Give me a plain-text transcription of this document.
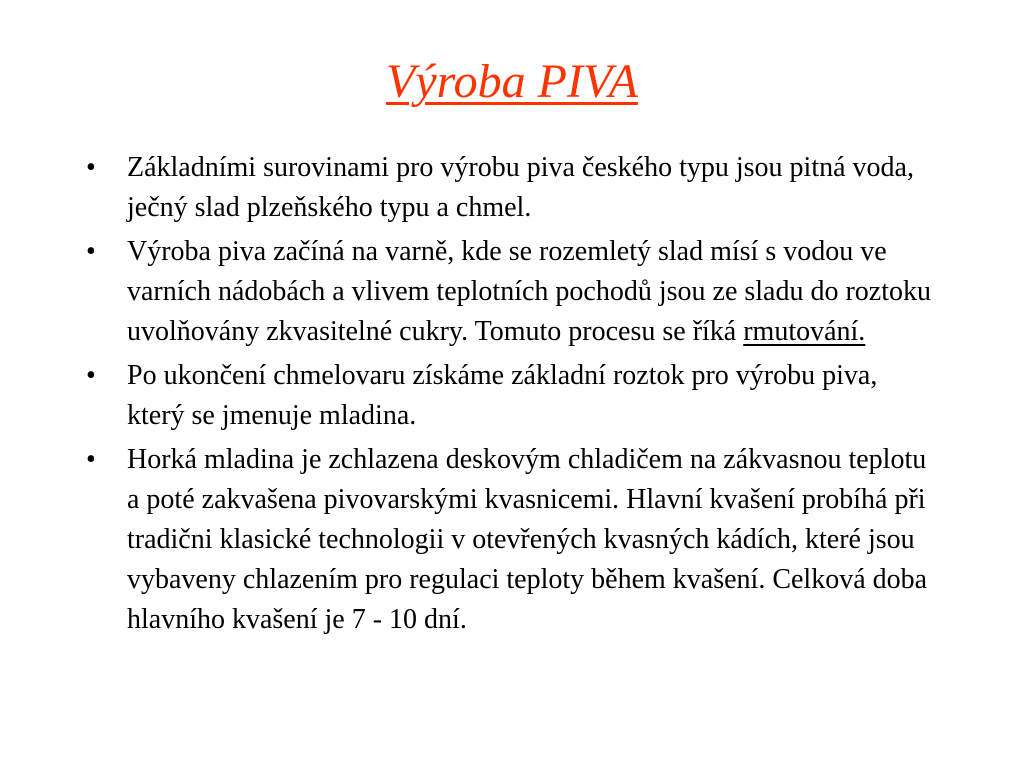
Výroba PIVA
•	Základními surovinami pro výrobu piva českého typu jsou pitná voda, ječný slad plzeňského typu a chmel.
•	Výroba piva začíná na varně, kde se rozemletý slad mísí s vodou ve varních nádobách a vlivem teplotních pochodů jsou ze sladu do roztoku uvolňovány zkvasitelné cukry. Tomuto procesu se říká rmutování.
•	Po ukončení chmelovaru získáme základní roztok pro výrobu piva, který se jmenuje mladina.
•	Horká mladina je zchlazena deskovým chladičem na zákvasnou teplotu a poté zakvašena pivovarskými kvasnicemi. Hlavní kvašení probíhá při tradični klasické technologii v otevřených kvasných kádích, které jsou vybaveny chlazením pro regulaci teploty během kvašení. Celková doba hlavního kvašení je 7 - 10 dní.
